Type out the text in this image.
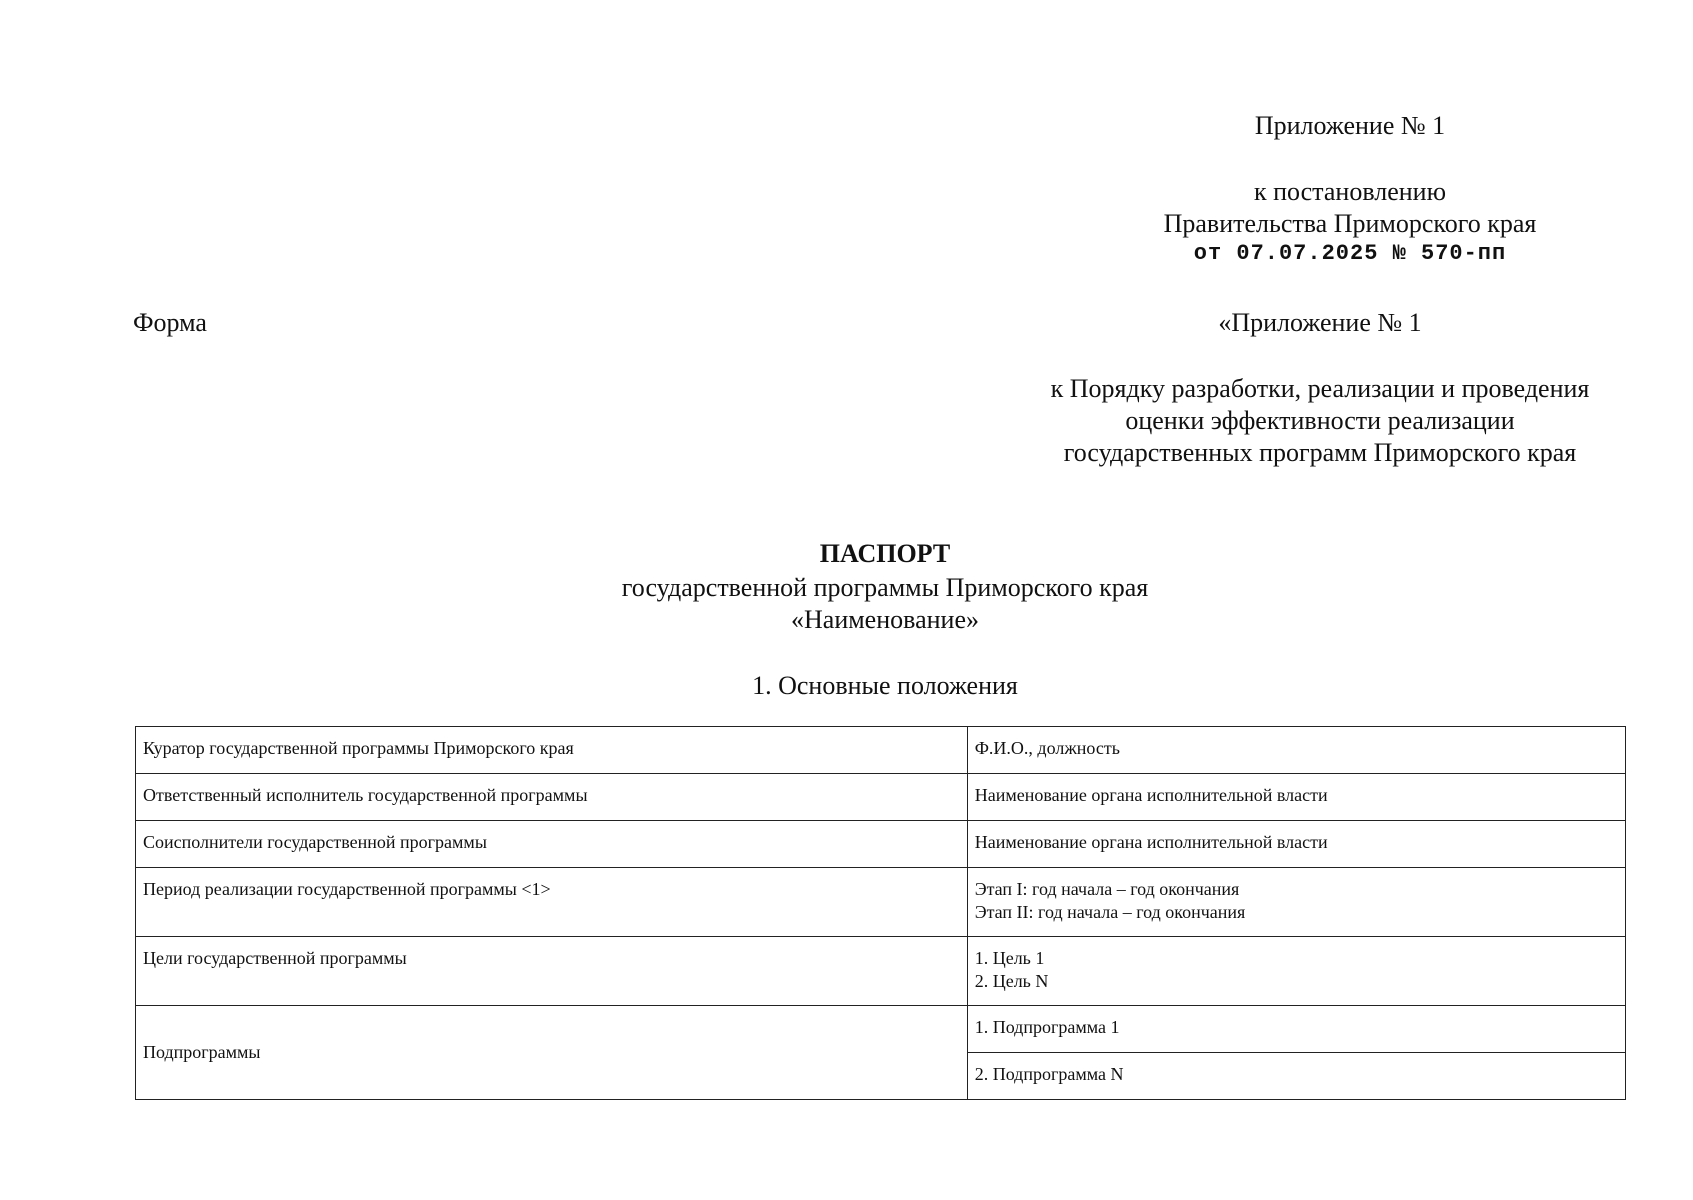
Приложение № 1
к постановлению
Правительства Приморского края
от 07.07.2025 № 570-пп
Форма	«Приложение № 1
к Порядку разработки, реализации и проведения
оценки эффективности реализации
государственных программ Приморского края
ПАСПОРТ
государственной программы Приморского края
«Наименование»
1. Основные положения
Куратор государственной программы Приморского края	Ф.И.О., должность
Ответственный исполнитель государственной программы	Наименование органа исполнительной власти
Соисполнители государственной программы	Наименование органа исполнительной власти
Период реализации государственной программы <1>	Этап I: год начала – год окончания
Этап II: год начала – год окончания

Цели государственной программы	1. Цель 1
2. Цель N

Подпрограммы	1. Подпрограмма 1
	2. Подпрограмма N
